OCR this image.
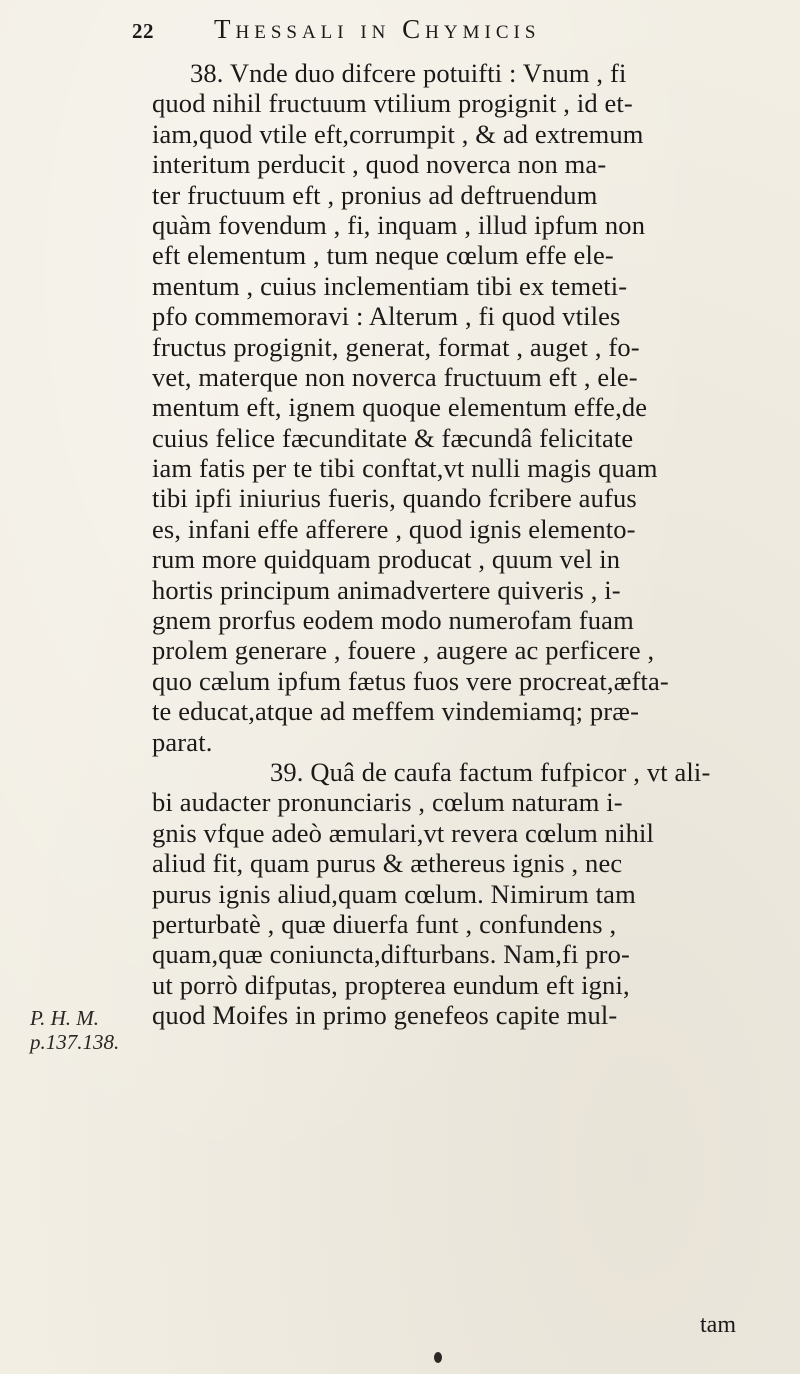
22 Thessali in Chymicis
38. Vnde duo difcere potuifti : Vnum , fi
quod nihil fructuum vtilium progignit , id et-
iam,quod vtile eft,corrumpit , & ad extremum
interitum perducit , quod noverca non ma-
ter fructuum eft , pronius ad deftruendum
quàm fovendum , fi, inquam , illud ipfum non
eft elementum , tum neque cœlum effe ele-
mentum , cuius inclementiam tibi ex temeti-
pfo commemoravi : Alterum , fi quod vtiles
fructus progignit, generat, format , auget , fo-
vet, materque non noverca fructuum eft , ele-
mentum eft, ignem quoque elementum effe,de
cuius felice fæcunditate & fæcundâ felicitate
iam fatis per te tibi conftat,vt nulli magis quam
tibi ipfi iniurius fueris, quando fcribere aufus
es, infani effe afferere , quod ignis elemento-
rum more quidquam producat , quum vel in
hortis principum animadvertere quiveris , i-
gnem prorfus eodem modo numerofam fuam
prolem generare , fouere , augere ac perficere ,
quo cælum ipfum fætus fuos vere procreat,æfta-
te educat,atque ad meffem vindemiamq; præ-
parat.
39. Quâ de caufa factum fufpicor , vt ali-
bi audacter pronunciaris , cœlum naturam i-
gnis vfque adeò æmulari,vt revera cœlum nihil
aliud fit, quam purus & æthereus ignis , nec
purus ignis aliud,quam cœlum. Nimirum tam
perturbatè , quæ diuerfa funt , confundens ,
quam,quæ coniuncta,difturbans. Nam,fi pro-
ut porrò difputas, propterea eundum eft igni,
quod Moifes in primo genefeos capite mul-
P. H. M.
p.137.138.
tam
